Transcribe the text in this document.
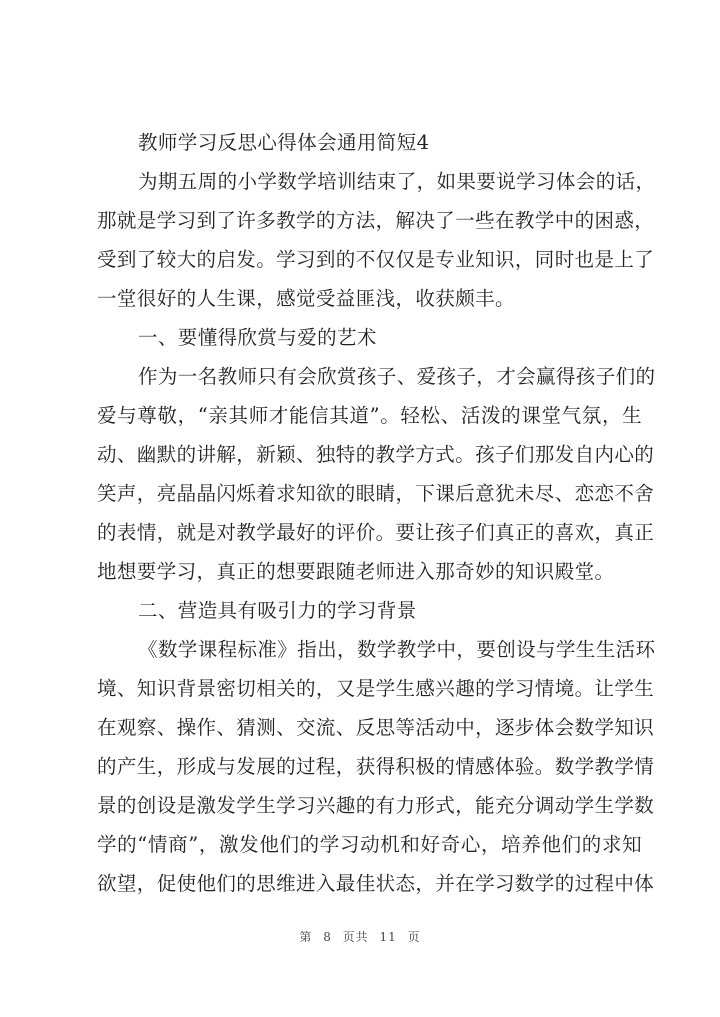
教师学习反思心得体会通用简短4
为期五周的小学数学培训结束了，如果要说学习体会的话，
那就是学习到了许多教学的方法，解决了一些在教学中的困惑，
受到了较大的启发。学习到的不仅仅是专业知识，同时也是上了
一堂很好的人生课，感觉受益匪浅，收获颇丰。
一、要懂得欣赏与爱的艺术
作为一名教师只有会欣赏孩子、爱孩子，才会赢得孩子们的
爱与尊敬，“亲其师才能信其道”。轻松、活泼的课堂气氛，生
动、幽默的讲解，新颖、独特的教学方式。孩子们那发自内心的
笑声，亮晶晶闪烁着求知欲的眼睛，下课后意犹未尽、恋恋不舍
的表情，就是对教学最好的评价。要让孩子们真正的喜欢，真正
地想要学习，真正的想要跟随老师进入那奇妙的知识殿堂。
二、营造具有吸引力的学习背景
《数学课程标准》指出，数学教学中，要创设与学生生活环
境、知识背景密切相关的，又是学生感兴趣的学习情境。让学生
在观察、操作、猜测、交流、反思等活动中，逐步体会数学知识
的产生，形成与发展的过程，获得积极的情感体验。数学教学情
景的创设是激发学生学习兴趣的有力形式，能充分调动学生学数
学的“情商”，激发他们的学习动机和好奇心，培养他们的求知
欲望，促使他们的思维进入最佳状态，并在学习数学的过程中体
第 8 页共 11 页
